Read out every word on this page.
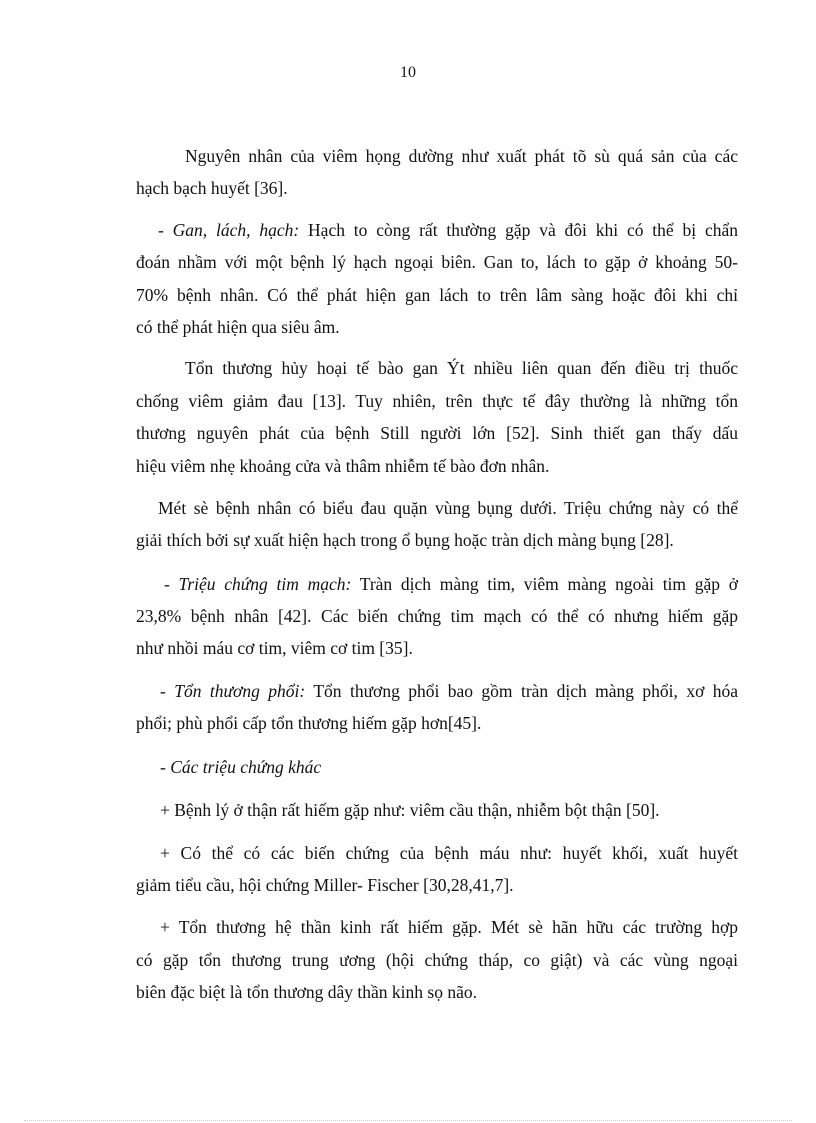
10
Nguyên nhân của viêm họng dường như xuất phát tõ sù quá sản của các
hạch bạch huyết [36].
- Gan, lách, hạch: Hạch to còng rất thường gặp và đôi khi có thể bị chẩn
đoán nhầm với một bệnh lý hạch ngoại biên. Gan to, lách to gặp ở khoảng 50-
70% bệnh nhân. Có thể phát hiện gan lách to trên lâm sàng hoặc đôi khi chỉ
có thể phát hiện qua siêu âm.
Tổn thương hủy hoại tế bào gan Ýt nhiều liên quan đến điều trị thuốc
chống viêm giảm đau [13]. Tuy nhiên, trên thực tế đây thường là những tổn
thương nguyên phát của bệnh Still người lớn [52]. Sinh thiết gan thấy dấu
hiệu viêm nhẹ khoảng cửa và thâm nhiễm tế bào đơn nhân.
Mét sè bệnh nhân có biểu đau quặn vùng bụng dưới. Triệu chứng này có thể
giải thích bởi sự xuất hiện hạch trong ổ bụng hoặc tràn dịch màng bụng [28].
- Triệu chứng tim mạch: Tràn dịch màng tim, viêm màng ngoài tim gặp ở
23,8% bệnh nhân [42]. Các biến chứng tim mạch có thể có nhưng hiếm gặp
như nhồi máu cơ tim, viêm cơ tim [35].
- Tổn thương phổi: Tổn thương phổi bao gồm tràn dịch màng phổi, xơ hóa
phổi; phù phổi cấp tổn thương hiếm gặp hơn[45].
- Các triệu chứng khác
+ Bệnh lý ở thận rất hiếm gặp như: viêm cầu thận, nhiễm bột thận [50].
+ Có thể có các biến chứng của bệnh máu như: huyết khối, xuất huyết
giảm tiểu cầu, hội chứng Miller- Fischer [30,28,41,7].
+ Tổn thương hệ thần kinh rất hiếm gặp. Mét sè hãn hữu các trường hợp
có gặp tổn thương trung ương (hội chứng tháp, co giật) và các vùng ngoại
biên đặc biệt là tổn thương dây thần kinh sọ não.
